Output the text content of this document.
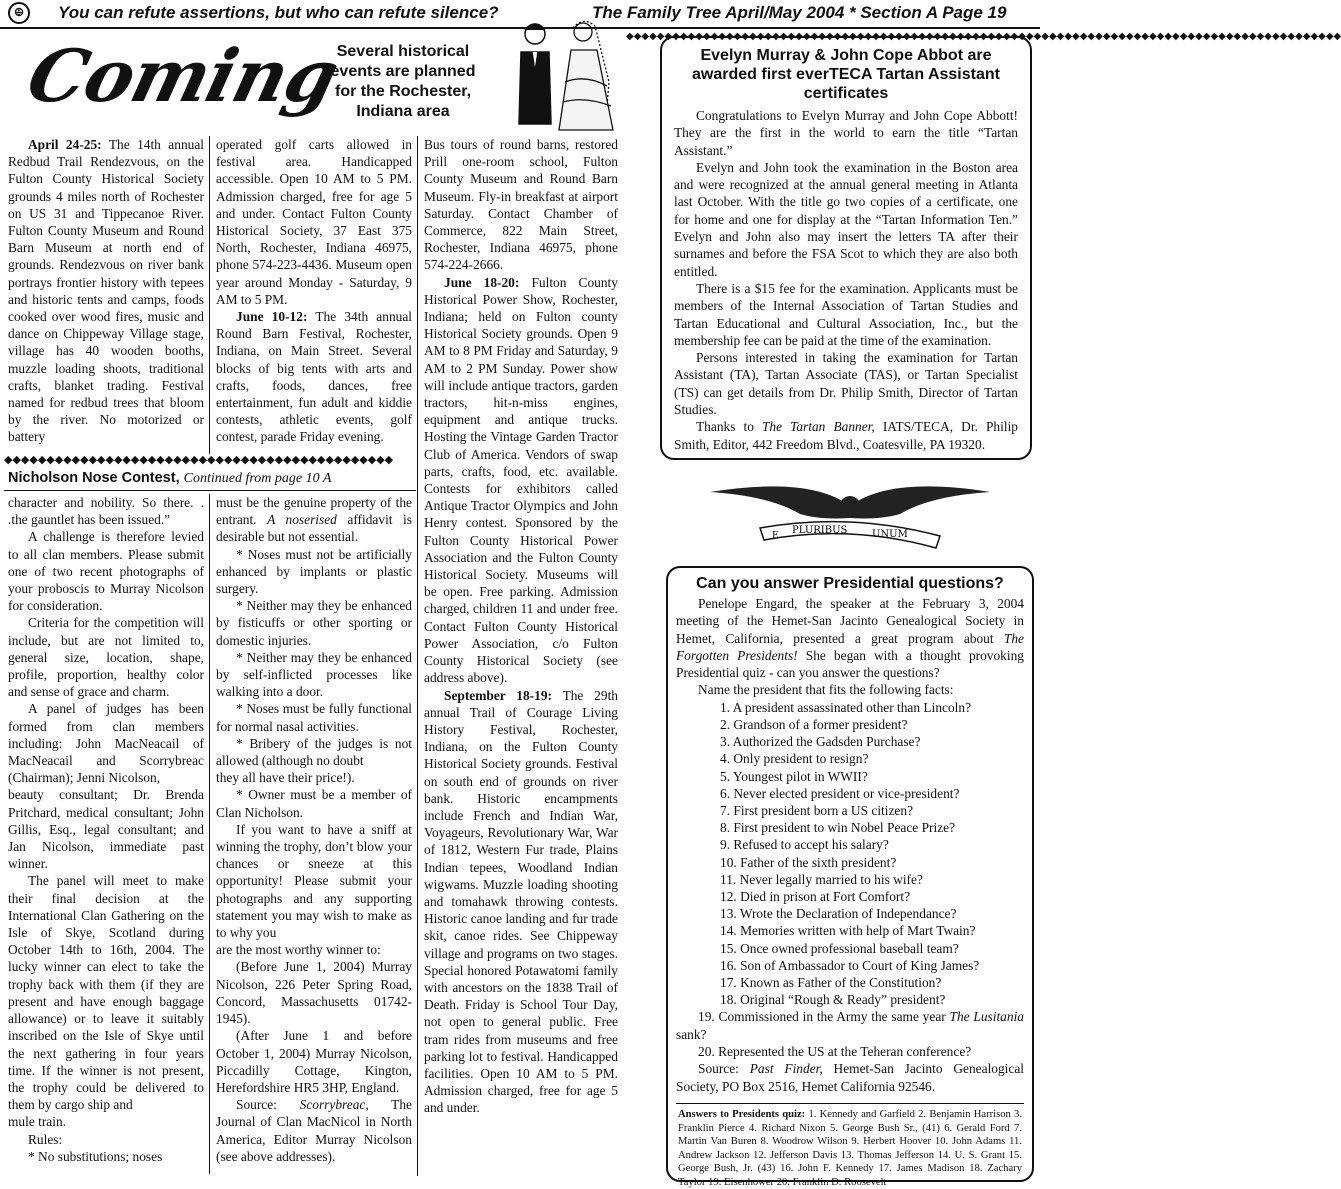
⨸	You can refute assertions, but who can refute silence?	The Family Tree April/May 2004 * Section A Page 19
Coming
Several historical events are planned for the Rochester, Indiana area
◆◆◆◆◆◆◆◆◆◆◆◆◆◆◆◆◆◆◆◆◆◆◆◆◆◆◆◆◆◆◆◆◆◆◆◆◆◆◆◆◆◆◆◆◆◆◆◆◆◆◆◆◆◆◆◆◆◆◆◆◆◆◆◆◆◆◆◆◆◆◆◆◆◆◆◆◆◆◆◆◆◆◆◆◆◆◆◆◆◆◆◆◆

April 24-25: The 14th annual Redbud Trail Rendezvous, on the Fulton County Historical Society grounds 4 miles north of Rochester on US 31 and Tippecanoe River. Fulton County Museum and Round Barn Museum at north end of grounds. Rendezvous on river bank portrays frontier history with tepees and historic tents and camps, foods cooked over wood fires, music and dance on Chippeway Village stage, village has 40 wooden booths, muzzle loading shoots, traditional crafts, blanket trading. Festival named for redbud trees that bloom by the river. No motorized or battery

operated golf carts allowed in festival area. Handicapped accessible. Open 10 AM to 5 PM. Admission charged, free for age 5 and under. Contact Fulton County Historical Society, 37 East 375 North, Rochester, Indiana 46975, phone 574-223-4436. Museum open year around Monday - Saturday, 9 AM to 5 PM.

June 10-12: The 34th annual Round Barn Festival, Rochester, Indiana, on Main Street. Several blocks of big tents with arts and crafts, foods, dances, free entertainment, fun adult and kiddie contests, athletic events, golf contest, parade Friday evening.

Bus tours of round barns, restored Prill one-room school, Fulton County Museum and Round Barn Museum. Fly-in breakfast at airport Saturday. Contact Chamber of Commerce, 822 Main Street, Rochester, Indiana 46975, phone 574-224-2666.

June 18-20: Fulton County Historical Power Show, Rochester, Indiana; held on Fulton county Historical Society grounds. Open 9 AM to 8 PM Friday and Saturday, 9 AM to 2 PM Sunday. Power show will include antique tractors, garden tractors, hit-n-miss engines, equipment and antique trucks. Hosting the Vintage Garden Tractor Club of America. Vendors of swap parts, crafts, food, etc. available. Contests for exhibitors called Antique Tractor Olympics and John Henry contest. Sponsored by the Fulton County Historical Power Association and the Fulton County Historical Society. Museums will be open. Free parking. Admission charged, children 11 and under free. Contact Fulton County Historical Power Association, c/o Fulton County Historical Society (see address above).

September 18-19: The 29th annual Trail of Courage Living History Festival, Rochester, Indiana, on the Fulton County Historical Society grounds. Festival on south end of grounds on river bank. Historic encampments include French and Indian War, Voyageurs, Revolutionary War, War of 1812, Western Fur trade, Plains Indian tepees, Woodland Indian wigwams. Muzzle loading shooting and tomahawk throwing contests. Historic canoe landing and fur trade skit, canoe rides. See Chippeway village and programs on two stages. Special honored Potawatomi family with ancestors on the 1838 Trail of Death. Friday is School Tour Day, not open to general public. Free tram rides from museums and free parking lot to festival. Handicapped facilities. Open 10 AM to 5 PM. Admission charged, free for age 5 and under.

◆◆◆◆◆◆◆◆◆◆◆◆◆◆◆◆◆◆◆◆◆◆◆◆◆◆◆◆◆◆◆◆◆◆◆◆◆◆◆◆◆◆◆◆◆◆
Nicholson Nose Contest, Continued from page 10 A

character and nobility. So there. . .the gauntlet has been issued.”

A challenge is therefore levied to all clan members. Please submit one of two recent photographs of your proboscis to Murray Nicolson for consideration.

Criteria for the competition will include, but are not limited to, general size, location, shape, profile, proportion, healthy color and sense of grace and charm.

A panel of judges has been formed from clan members including: John MacNeacail of MacNeacail and Scorrybreac (Chairman); Jenni Nicolson,

beauty consultant; Dr. Brenda Pritchard, medical consultant; John Gillis, Esq., legal consultant; and Jan Nicolson, immediate past winner.

The panel will meet to make their final decision at the International Clan Gathering on the Isle of Skye, Scotland during October 14th to 16th, 2004. The lucky winner can elect to take the trophy back with them (if they are present and have enough baggage allowance) or to leave it suitably inscribed on the Isle of Skye until the next gathering in four years time. If the winner is not present, the trophy could be delivered to them by cargo ship and

mule train.

Rules:

* No substitutions; noses

must be the genuine property of the entrant. A noserised affidavit is desirable but not essential.

* Noses must not be artificially enhanced by implants or plastic surgery.

* Neither may they be enhanced by fisticuffs or other sporting or domestic injuries.

* Neither may they be enhanced by self-inflicted processes like walking into a door.

* Noses must be fully functional for normal nasal activities.

* Bribery of the judges is not allowed (although no doubt

they all have their price!).

* Owner must be a member of Clan Nicholson.

If you want to have a sniff at winning the trophy, don’t blow your chances or sneeze at this opportunity! Please submit your photographs and any supporting statement you may wish to make as to why you

are the most worthy winner to:

(Before June 1, 2004) Murray Nicolson, 226 Peter Spring Road, Concord, Massachusetts 01742-1945).

(After June 1 and before October 1, 2004) Murray Nicolson, Piccadilly Cottage, Kington, Herefordshire HR5 3HP, England.

Source: Scorrybreac, The Journal of Clan MacNicol in North America, Editor Murray Nicolson (see above addresses).

Evelyn Murray & John Cope Abbot are awarded first everTECA Tartan Assistant certificates

Congratulations to Evelyn Murray and John Cope Abbott! They are the first in the world to earn the title “Tartan Assistant.”

Evelyn and John took the examination in the Boston area and were recognized at the annual general meeting in Atlanta last October. With the title go two copies of a certificate, one for home and one for display at the “Tartan Information Ten.” Evelyn and John also may insert the letters TA after their surnames and before the FSA Scot to which they are also both entitled.

There is a $15 fee for the examination. Applicants must be members of the Internal Association of Tartan Studies and Tartan Educational and Cultural Association, Inc., but the membership fee can be paid at the time of the examination.

Persons interested in taking the examination for Tartan Assistant (TA), Tartan Associate (TAS), or Tartan Specialist (TS) can get details from Dr. Philip Smith, Director of Tartan Studies.

Thanks to The Tartan Banner, IATS/TECA, Dr. Philip Smith, Editor, 442 Freedom Blvd., Coatesville, PA 19320.

E PLURIBUS UNUM
Can you answer Presidential questions?

Penelope Engard, the speaker at the February 3, 2004 meeting of the Hemet-San Jacinto Genealogical Society in Hemet, California, presented a great program about The Forgotten Presidents! She began with a thought provoking Presidential quiz - can you answer the questions?

Name the president that fits the following facts:

1. A president assassinated other than Lincoln?
2. Grandson of a former president?
3. Authorized the Gadsden Purchase?
4. Only president to resign?
5. Youngest pilot in WWII?
6. Never elected president or vice-president?
7. First president born a US citizen?
8. First president to win Nobel Peace Prize?
9. Refused to accept his salary?
10. Father of the sixth president?
11. Never legally married to his wife?
12. Died in prison at Fort Comfort?
13. Wrote the Declaration of Independance?
14. Memories written with help of Mart Twain?
15. Once owned professional baseball team?
16. Son of Ambassador to Court of King James?
17. Known as Father of the Constitution?
18. Original “Rough & Ready” president?

19. Commissioned in the Army the same year The Lusitania sank?

20. Represented the US at the Teheran conference?

Source: Past Finder, Hemet-San Jacinto Genealogical Society, PO Box 2516, Hemet California 92546.

Answers to Presidents quiz: 1. Kennedy and Garfield 2. Benjamin Harrison 3. Franklin Pierce 4. Richard Nixon 5. George Bush Sr., (41) 6. Gerald Ford 7. Martin Van Buren 8. Woodrow Wilson 9. Herbert Hoover 10. John Adams 11. Andrew Jackson 12. Jefferson Davis 13. Thomas Jefferson 14. U. S. Grant 15. George Bush, Jr. (43) 16. John F. Kennedy 17. James Madison 18. Zachary Taylor 19. Eisenhower 20. Franklin D. Roosevelt
